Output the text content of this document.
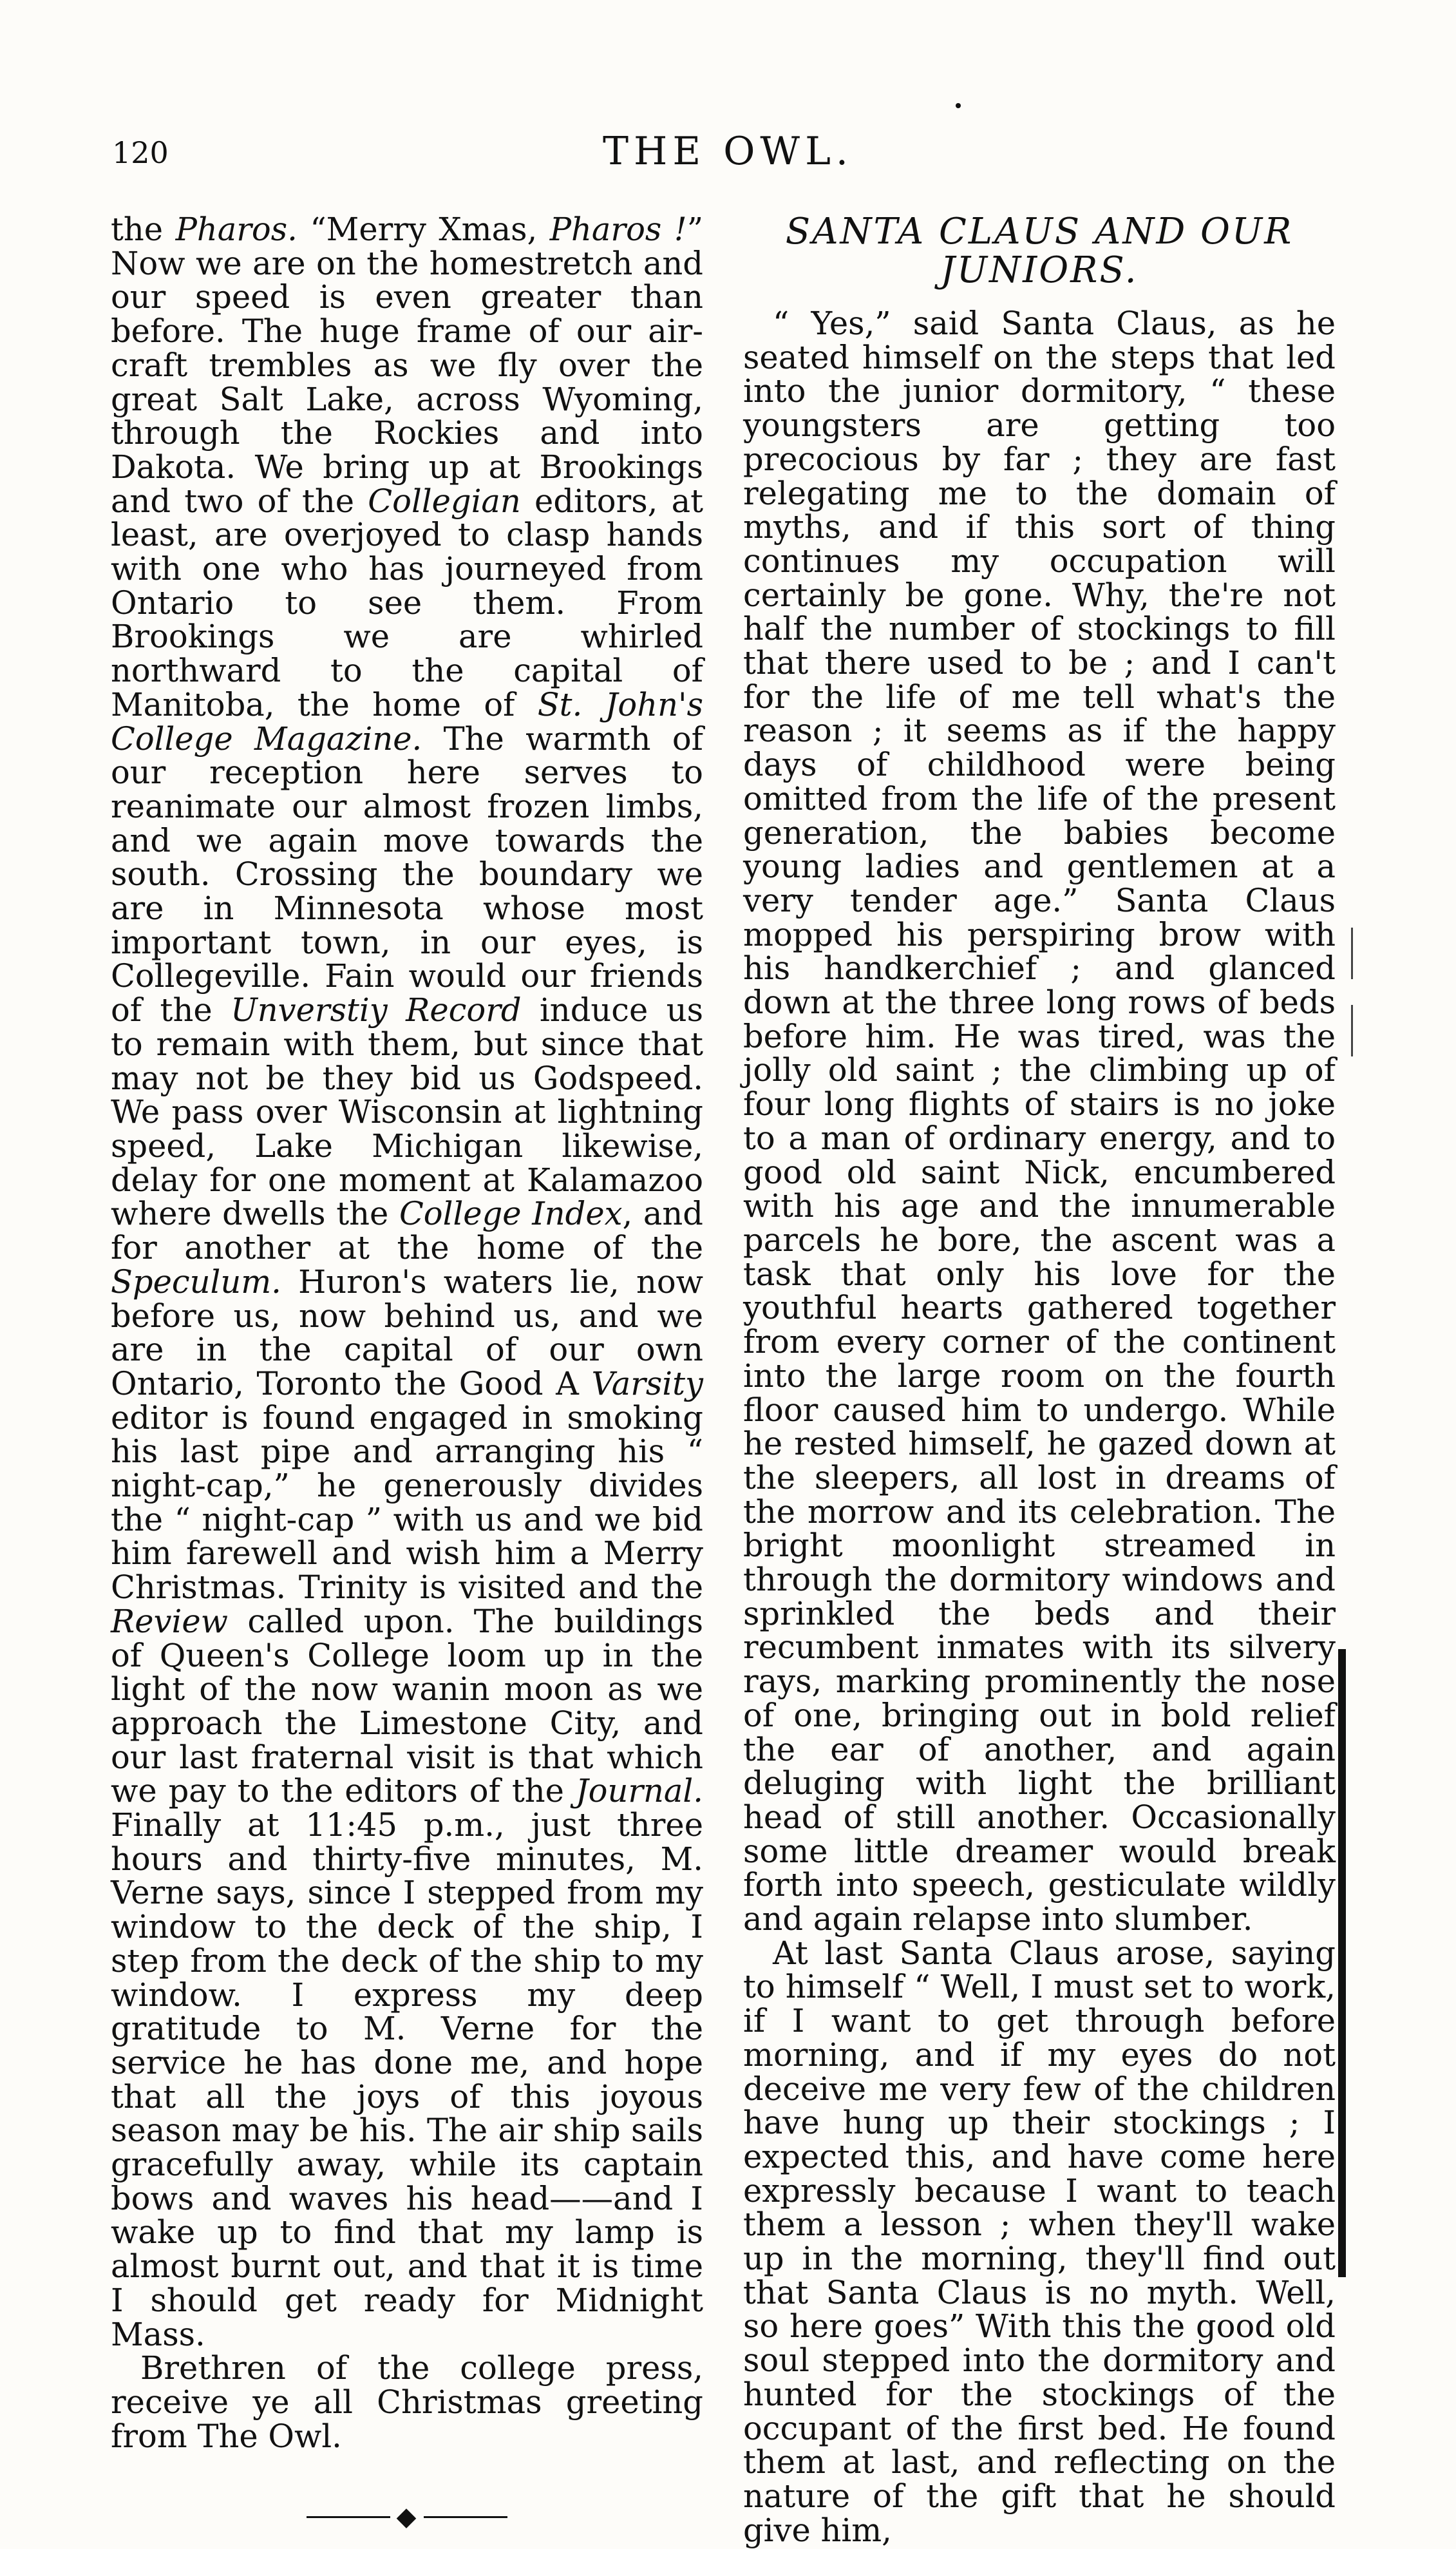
120	THE OWL.

the Pharos. “Merry Xmas, Pharos !” Now we are on the homestretch and our speed is even greater than before. The huge frame of our air-craft trembles as we fly over the great Salt Lake, across Wyoming, through the Rockies and into Dakota. We bring up at Brookings and two of the Collegian editors, at least, are overjoyed to clasp hands with one who has journeyed from Ontario to see them. From Brookings we are whirled northward to the capital of Manitoba, the home of St. John's College Magazine. The warmth of our reception here serves to reanimate our almost frozen limbs, and we again move towards the south. Crossing the boundary we are in Minnesota whose most important town, in our eyes, is Collegeville. Fain would our friends of the Unverstiy Record induce us to remain with them, but since that may not be they bid us Godspeed. We pass over Wisconsin at lightning speed, Lake Michigan likewise, delay for one moment at Kalamazoo where dwells the College Index, and for another at the home of the Speculum. Huron's waters lie, now before us, now behind us, and we are in the capital of our own Ontario, Toronto the Good A Varsity editor is found engaged in smoking his last pipe and arranging his “ night-cap,” he generously divides the “ night-cap ” with us and we bid him farewell and wish him a Merry Christmas. Trinity is visited and the Review called upon. The buildings of Queen's College loom up in the light of the now wanin moon as we approach the Limestone City, and our last fraternal visit is that which we pay to the editors of the Journal. Finally at 11:45 p.m., just three hours and thirty-five minutes, M. Verne says, since I stepped from my window to the deck of the ship, I step from the deck of the ship to my window. I express my deep gratitude to M. Verne for the service he has done me, and hope that all the joys of this joyous season may be his. The air ship sails gracefully away, while its captain bows and waves his head——and I wake up to find that my lamp is almost burnt out, and that it is time I should get ready for Midnight Mass.

Brethren of the college press, receive ye all Christmas greeting from The Owl.

◆
SANTA CLAUS AND OUR JUNIORS.

“ Yes,” said Santa Claus, as he seated himself on the steps that led into the junior dormitory, “ these youngsters are getting too precocious by far ; they are fast relegating me to the domain of myths, and if this sort of thing continues my occupation will certainly be gone. Why, the're not half the number of stockings to fill that there used to be ; and I can't for the life of me tell what's the reason ; it seems as if the happy days of childhood were being omitted from the life of the present generation, the babies become young ladies and gentlemen at a very tender age.” Santa Claus mopped his perspiring brow with his handkerchief ; and glanced down at the three long rows of beds before him. He was tired, was the jolly old saint ; the climbing up of four long flights of stairs is no joke to a man of ordinary energy, and to good old saint Nick, encumbered with his age and the innumerable parcels he bore, the ascent was a task that only his love for the youthful hearts gathered together from every corner of the continent into the large room on the fourth floor caused him to undergo. While he rested himself, he gazed down at the sleepers, all lost in dreams of the morrow and its celebration. The bright moonlight streamed in through the dormitory windows and sprinkled the beds and their recumbent inmates with its silvery rays, marking prominently the nose of one, bringing out in bold relief the ear of another, and again deluging with light the brilliant head of still another. Occasionally some little dreamer would break forth into speech, gesticulate wildly and again relapse into slumber.

At last Santa Claus arose, saying to himself “ Well, I must set to work, if I want to get through before morning, and if my eyes do not deceive me very few of the children have hung up their stockings ; I expected this, and have come here expressly because I want to teach them a lesson ; when they'll wake up in the morning, they'll find out that Santa Claus is no myth. Well, so here goes” With this the good old soul stepped into the dormitory and hunted for the stockings of the occupant of the first bed. He found them at last, and reflecting on the nature of the gift that he should give him,
